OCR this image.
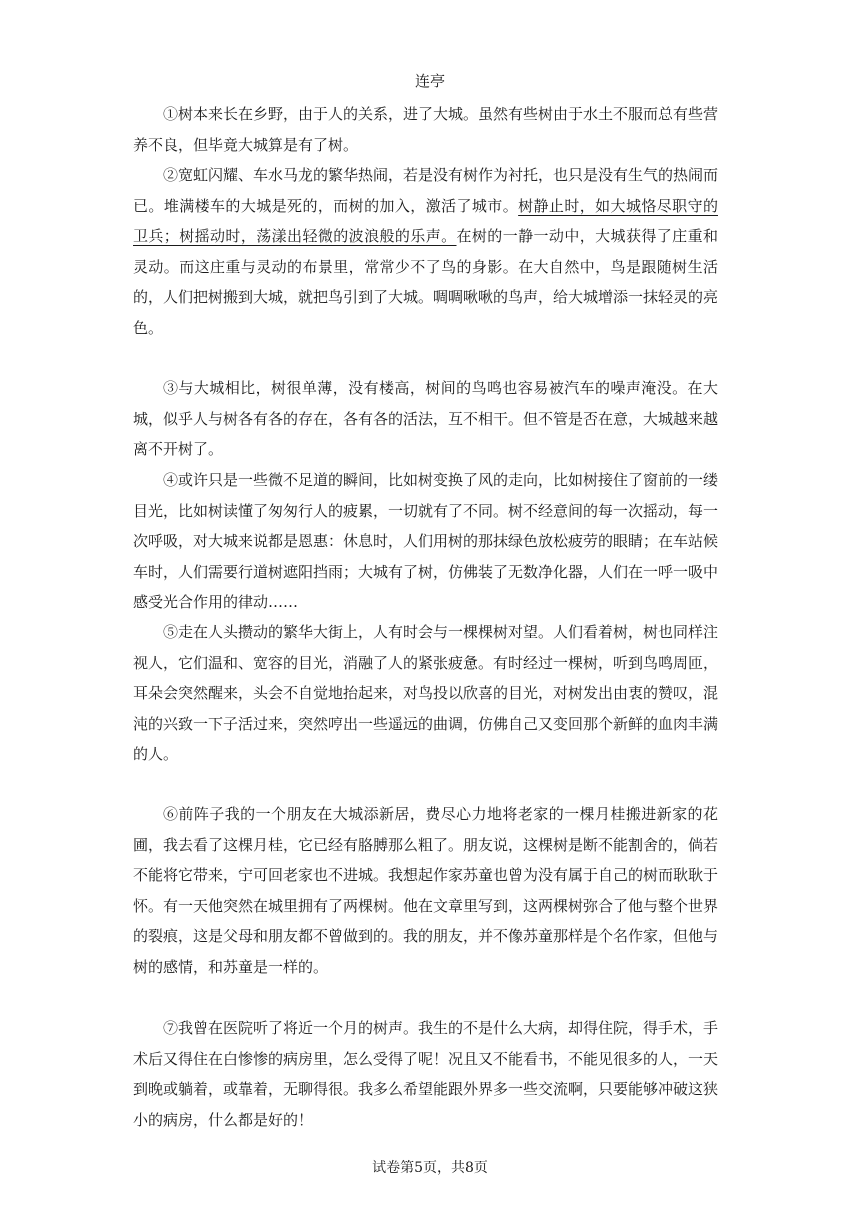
连亭

①树本来长在乡野，由于人的关系，进了大城。虽然有些树由于水土不服而总有些营养不良，但毕竟大城算是有了树。

②宽虹闪耀、车水马龙的繁华热闹，若是没有树作为衬托，也只是没有生气的热闹而已。堆满楼车的大城是死的，而树的加入，激活了城市。树静止时，如大城恪尽职守的卫兵；树摇动时，荡漾出轻微的波浪般的乐声。在树的一静一动中，大城获得了庄重和灵动。而这庄重与灵动的布景里，常常少不了鸟的身影。在大自然中，鸟是跟随树生活的，人们把树搬到大城，就把鸟引到了大城。啁啁啾啾的鸟声，给大城增添一抹轻灵的亮色。

③与大城相比，树很单薄，没有楼高，树间的鸟鸣也容易被汽车的噪声淹没。在大城，似乎人与树各有各的存在，各有各的活法，互不相干。但不管是否在意，大城越来越离不开树了。

④或许只是一些微不足道的瞬间，比如树变换了风的走向，比如树接住了窗前的一缕目光，比如树读懂了匆匆行人的疲累，一切就有了不同。树不经意间的每一次摇动，每一次呼吸，对大城来说都是恩惠：休息时，人们用树的那抹绿色放松疲劳的眼睛；在车站候车时，人们需要行道树遮阳挡雨；大城有了树，仿佛装了无数净化器，人们在一呼一吸中感受光合作用的律动……

⑤走在人头攒动的繁华大街上，人有时会与一棵棵树对望。人们看着树，树也同样注视人，它们温和、宽容的目光，消融了人的紧张疲惫。有时经过一棵树，听到鸟鸣周匝，耳朵会突然醒来，头会不自觉地抬起来，对鸟投以欣喜的目光，对树发出由衷的赞叹，混沌的兴致一下子活过来，突然哼出一些遥远的曲调，仿佛自己又变回那个新鲜的血肉丰满的人。

⑥前阵子我的一个朋友在大城添新居，费尽心力地将老家的一棵月桂搬进新家的花圃，我去看了这棵月桂，它已经有胳膊那么粗了。朋友说，这棵树是断不能割舍的，倘若不能将它带来，宁可回老家也不进城。我想起作家苏童也曾为没有属于自己的树而耿耿于怀。有一天他突然在城里拥有了两棵树。他在文章里写到，这两棵树弥合了他与整个世界的裂痕，这是父母和朋友都不曾做到的。我的朋友，并不像苏童那样是个名作家，但他与树的感情，和苏童是一样的。

⑦我曾在医院听了将近一个月的树声。我生的不是什么大病，却得住院，得手术，手术后又得住在白惨惨的病房里，怎么受得了呢！况且又不能看书，不能见很多的人，一天到晚或躺着，或靠着，无聊得很。我多么希望能跟外界多一些交流啊，只要能够冲破这狭小的病房，什么都是好的！

试卷第5页，共8页
